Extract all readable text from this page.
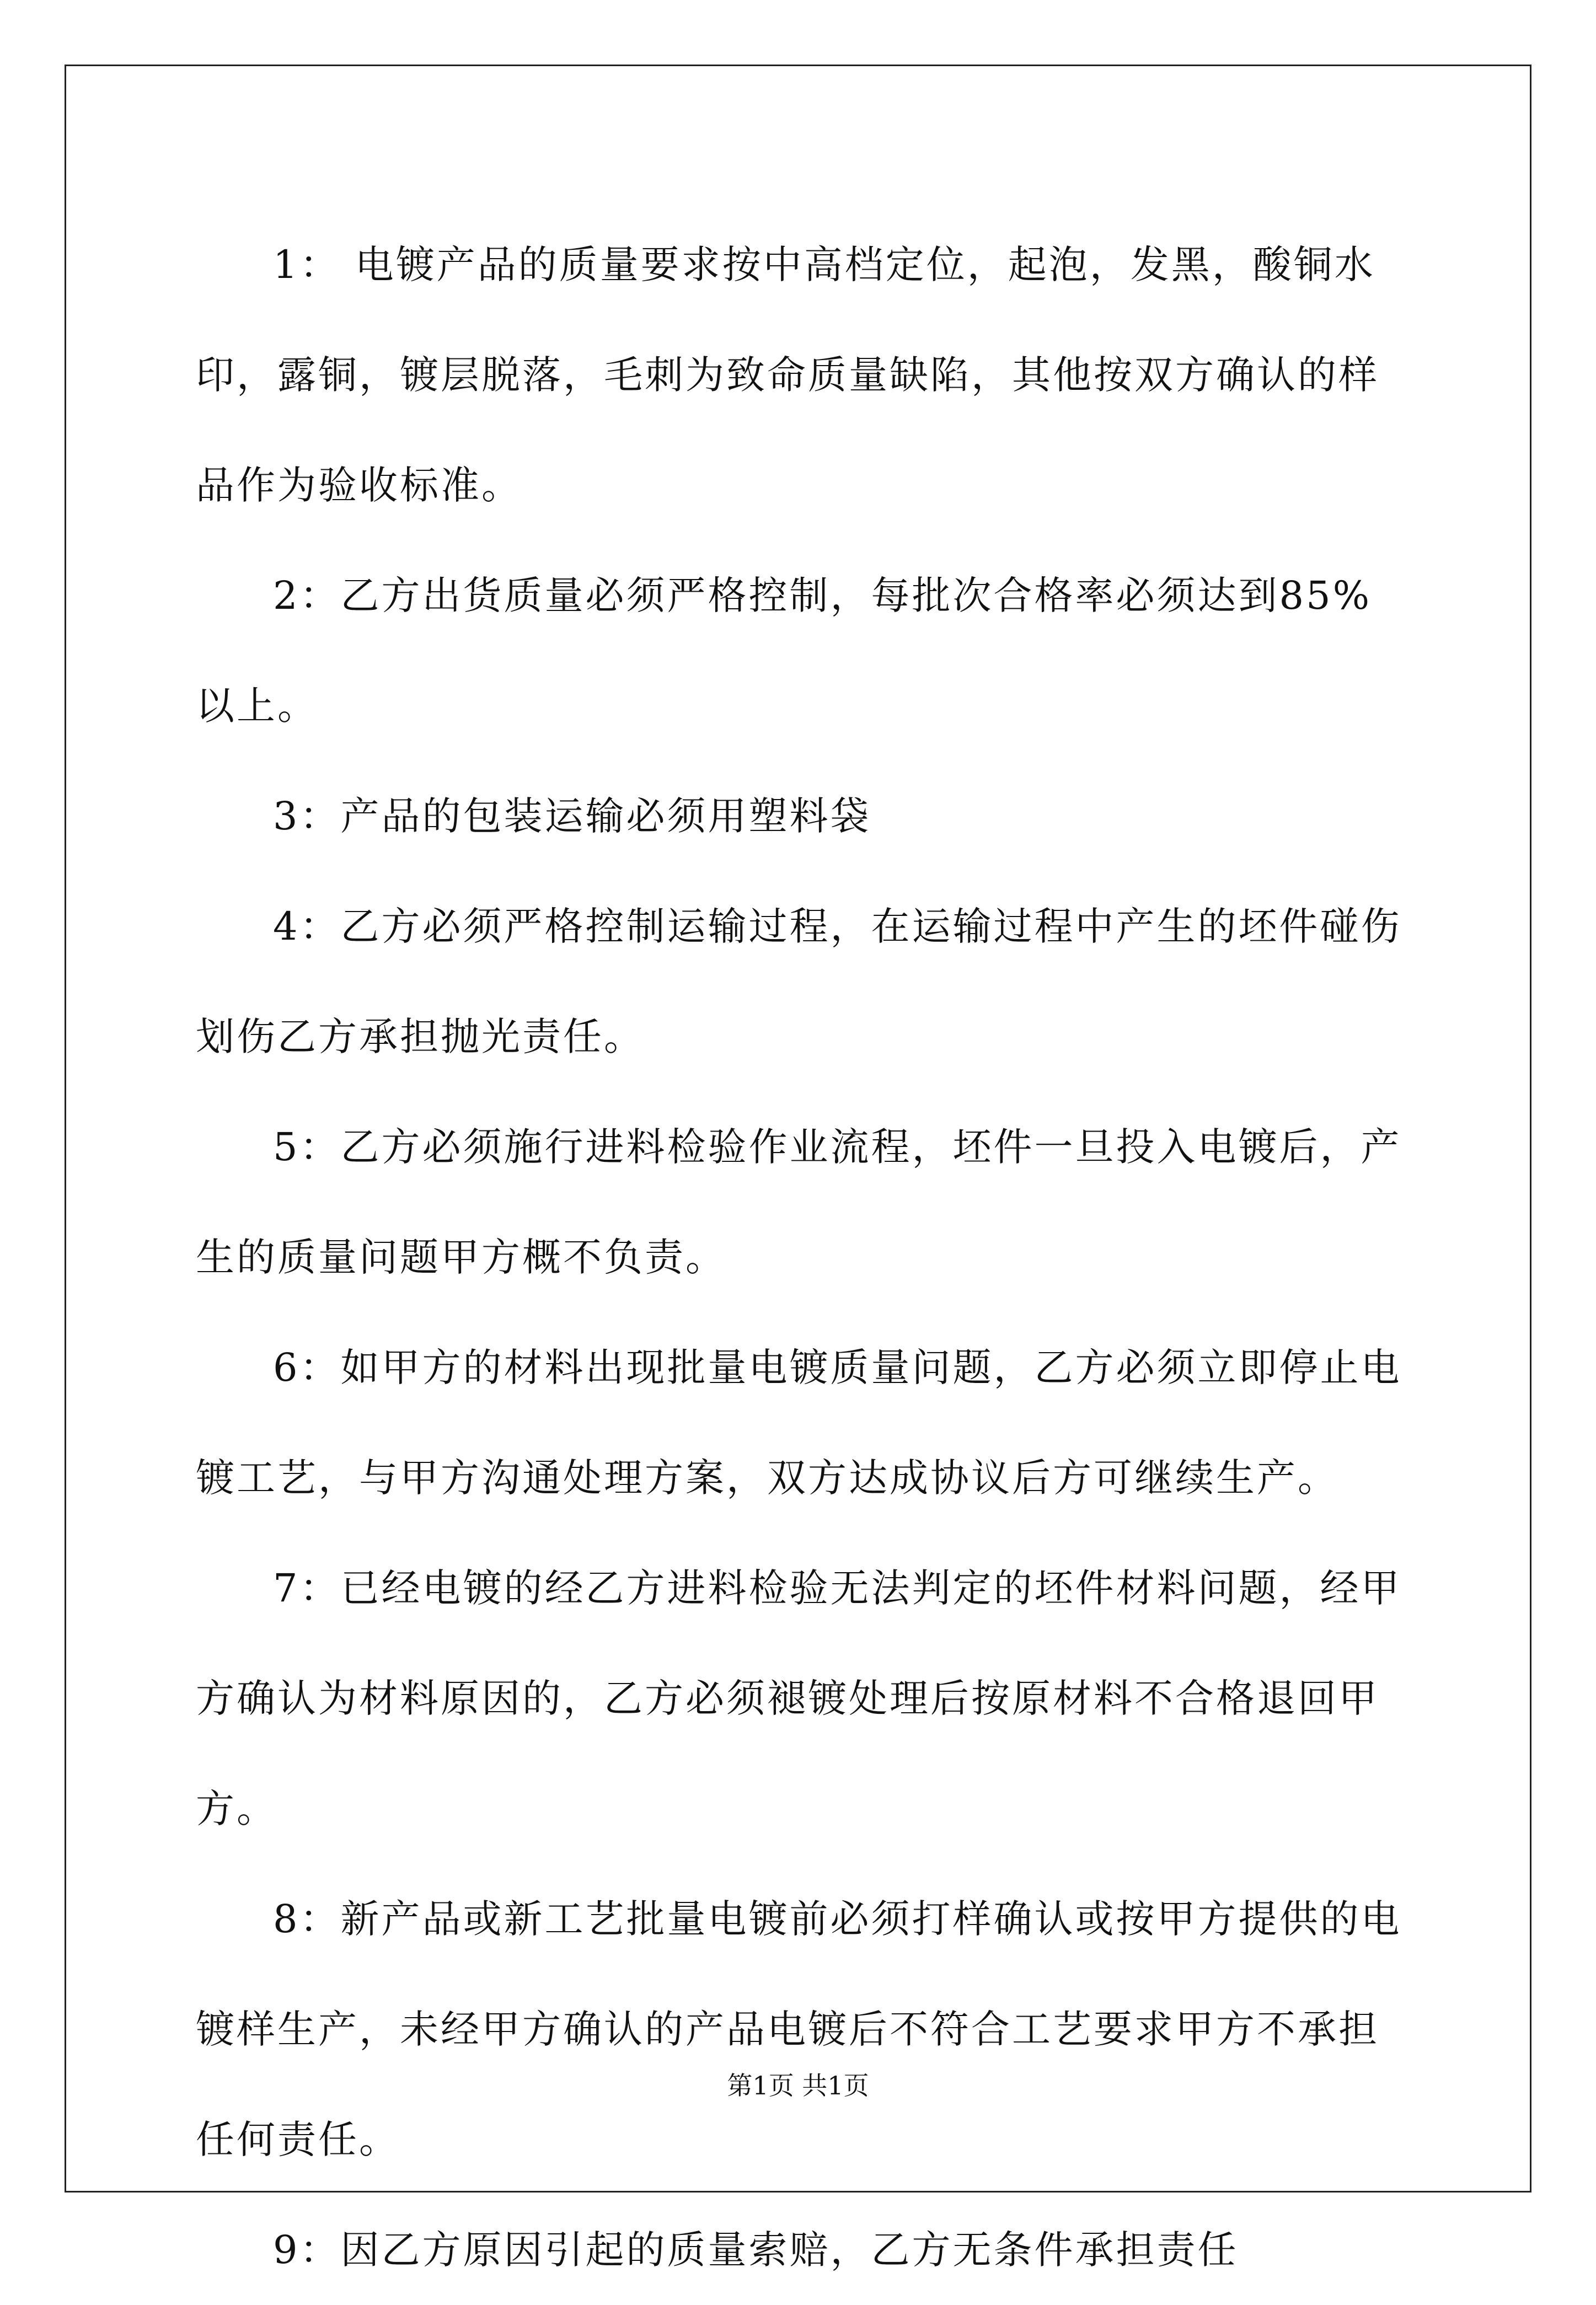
1： 电镀产品的质量要求按中高档定位，起泡，发黑，酸铜水印，露铜，镀层脱落，毛刺为致命质量缺陷，其他按双方确认的样品作为验收标准。

2：乙方出货质量必须严格控制，每批次合格率必须达到85%以上。

3：产品的包装运输必须用塑料袋

4：乙方必须严格控制运输过程，在运输过程中产生的坯件碰伤划伤乙方承担抛光责任。

5：乙方必须施行进料检验作业流程，坯件一旦投入电镀后，产生的质量问题甲方概不负责。

6：如甲方的材料出现批量电镀质量问题，乙方必须立即停止电镀工艺，与甲方沟通处理方案，双方达成协议后方可继续生产。

7：已经电镀的经乙方进料检验无法判定的坯件材料问题，经甲方确认为材料原因的，乙方必须褪镀处理后按原材料不合格退回甲方。

8：新产品或新工艺批量电镀前必须打样确认或按甲方提供的电镀样生产，未经甲方确认的产品电镀后不符合工艺要求甲方不承担任何责任。

9：因乙方原因引起的质量索赔，乙方无条件承担责任

第1页 共1页
